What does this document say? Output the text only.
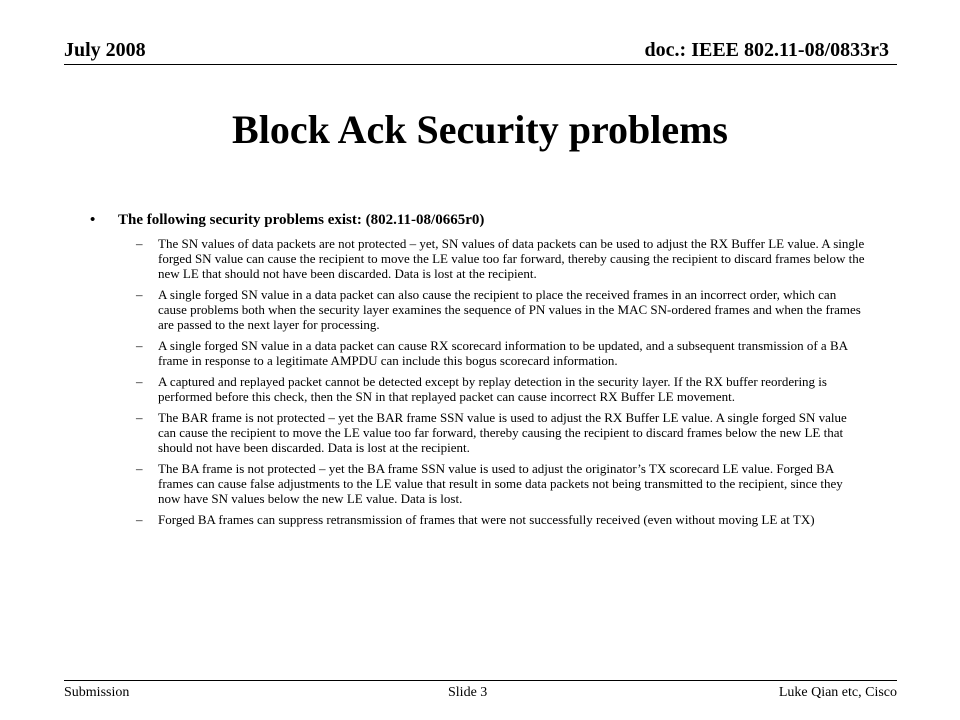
July 2008	doc.: IEEE 802.11-08/0833r3
Block Ack Security problems
• The following security problems exist: (802.11-08/0665r0)
– The SN values of data packets are not protected – yet, SN values of data packets can be used to adjust the RX Buffer LE value. A single forged SN value can cause the recipient to move the LE value too far forward, thereby causing the recipient to discard frames below the new LE that should not have been discarded. Data is lost at the recipient.
– A single forged SN value in a data packet can also cause the recipient to place the received frames in an incorrect order, which can cause problems both when the security layer examines the sequence of PN values in the MAC SN-ordered frames and when the frames are passed to the next layer for processing.
– A single forged SN value in a data packet can cause RX scorecard information to be updated, and a subsequent transmission of a BA frame in response to a legitimate AMPDU can include this bogus scorecard information.
– A captured and replayed packet cannot be detected except by replay detection in the security layer. If the RX buffer reordering is performed before this check, then the SN in that replayed packet can cause incorrect RX Buffer LE movement.
– The BAR frame is not protected – yet the BAR frame SSN value is used to adjust the RX Buffer LE value. A single forged SN value can cause the recipient to move the LE value too far forward, thereby causing the recipient to discard frames below the new LE that should not have been discarded. Data is lost at the recipient.
– The BA frame is not protected – yet the BA frame SSN value is used to adjust the originator’s TX scorecard LE value. Forged BA frames can cause false adjustments to the LE value that result in some data packets not being transmitted to the recipient, since they now have SN values below the new LE value. Data is lost.
– Forged BA frames can suppress retransmission of frames that were not successfully received (even without moving LE at TX)
Submission	Slide 3	Luke Qian etc, Cisco
